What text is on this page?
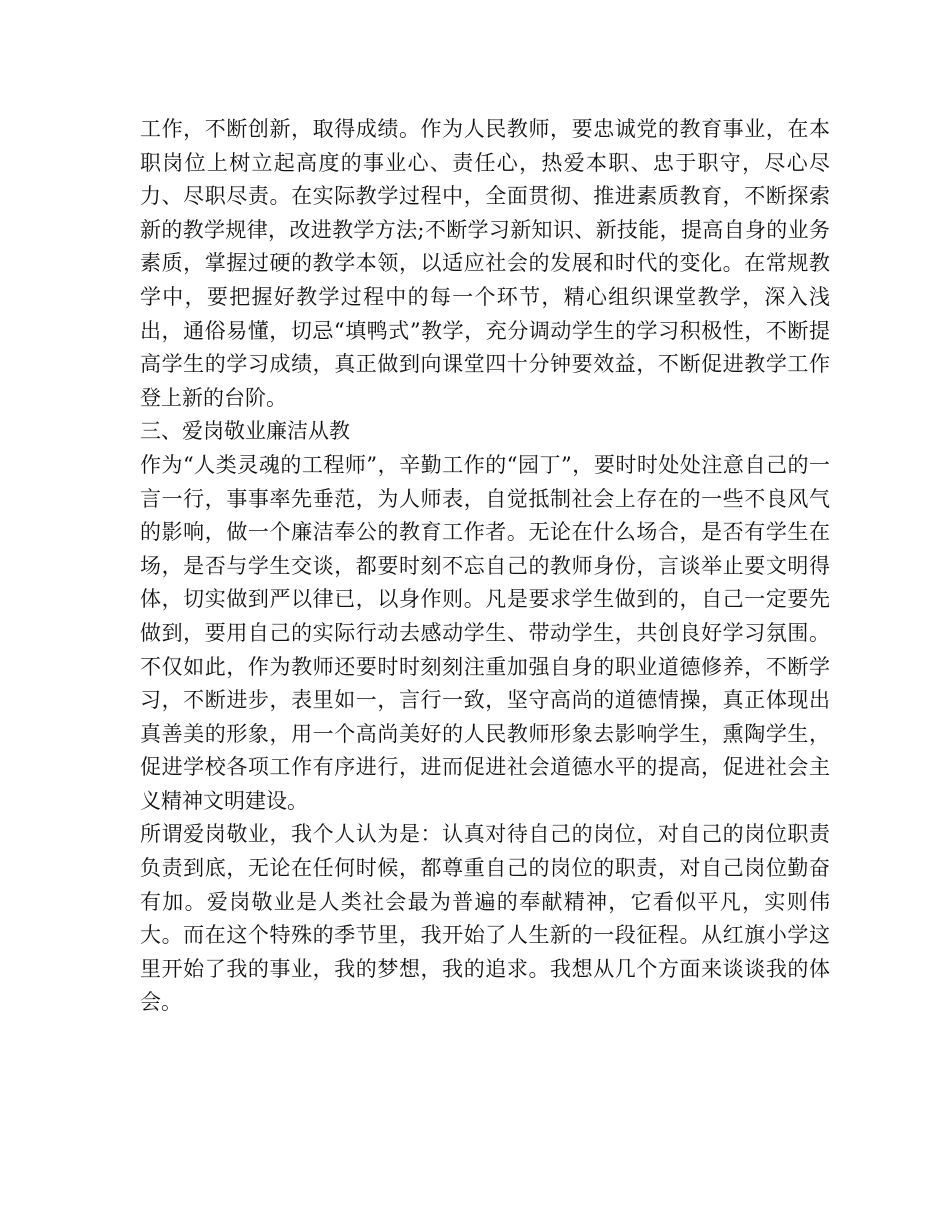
工作，不断创新，取得成绩。作为人民教师，要忠诚党的教育事业，在本职岗位上树立起高度的事业心、责任心，热爱本职、忠于职守，尽心尽力、尽职尽责。在实际教学过程中，全面贯彻、推进素质教育，不断探索新的教学规律，改进教学方法;不断学习新知识、新技能，提高自身的业务素质，掌握过硬的教学本领，以适应社会的发展和时代的变化。在常规教学中，要把握好教学过程中的每一个环节，精心组织课堂教学，深入浅出，通俗易懂，切忌“填鸭式”教学，充分调动学生的学习积极性，不断提高学生的学习成绩，真正做到向课堂四十分钟要效益，不断促进教学工作登上新的台阶。

三、爱岗敬业廉洁从教

作为“人类灵魂的工程师”，辛勤工作的“园丁”，要时时处处注意自己的一言一行，事事率先垂范，为人师表，自觉抵制社会上存在的一些不良风气的影响，做一个廉洁奉公的教育工作者。无论在什么场合，是否有学生在场，是否与学生交谈，都要时刻不忘自己的教师身份，言谈举止要文明得体，切实做到严以律已，以身作则。凡是要求学生做到的，自己一定要先做到，要用自己的实际行动去感动学生、带动学生，共创良好学习氛围。不仅如此，作为教师还要时时刻刻注重加强自身的职业道德修养，不断学习，不断进步，表里如一，言行一致，坚守高尚的道德情操，真正体现出真善美的形象，用一个高尚美好的人民教师形象去影响学生，熏陶学生，促进学校各项工作有序进行，进而促进社会道德水平的提高，促进社会主义精神文明建设。

所谓爱岗敬业，我个人认为是：认真对待自己的岗位，对自己的岗位职责负责到底，无论在任何时候，都尊重自己的岗位的职责，对自己岗位勤奋有加。爱岗敬业是人类社会最为普遍的奉献精神，它看似平凡，实则伟大。而在这个特殊的季节里，我开始了人生新的一段征程。从红旗小学这里开始了我的事业，我的梦想，我的追求。我想从几个方面来谈谈我的体会。
